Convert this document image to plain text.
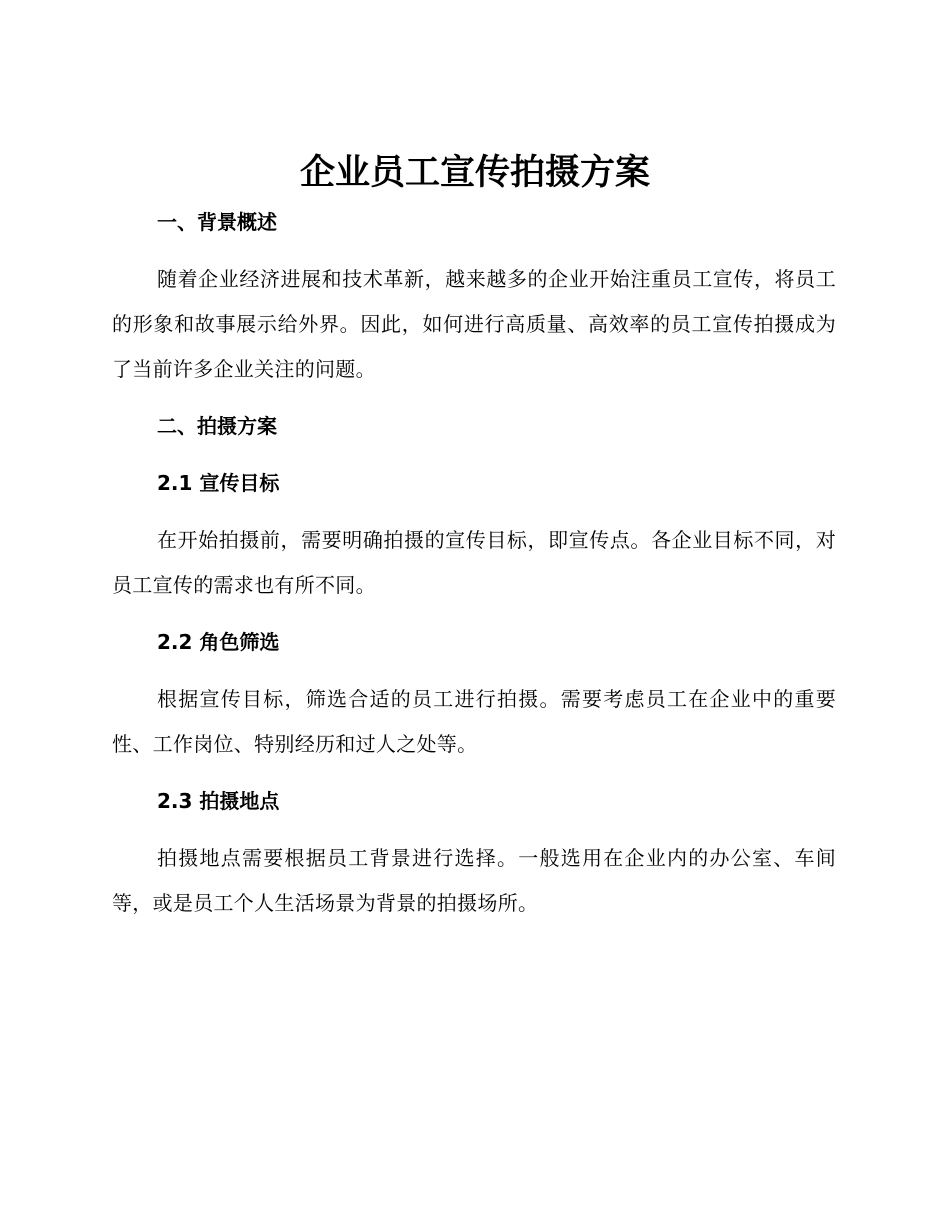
企业员工宣传拍摄方案
一、背景概述

随着企业经济进展和技术革新，越来越多的企业开始注重员工宣传，将员工的形象和故事展示给外界。因此，如何进行高质量、高效率的员工宣传拍摄成为了当前许多企业关注的问题。

二、拍摄方案
2.1 宣传目标

在开始拍摄前，需要明确拍摄的宣传目标，即宣传点。各企业目标不同，对员工宣传的需求也有所不同。

2.2 角色筛选

根据宣传目标，筛选合适的员工进行拍摄。需要考虑员工在企业中的重要性、工作岗位、特别经历和过人之处等。

2.3 拍摄地点

拍摄地点需要根据员工背景进行选择。一般选用在企业内的办公室、车间等，或是员工个人生活场景为背景的拍摄场所。
